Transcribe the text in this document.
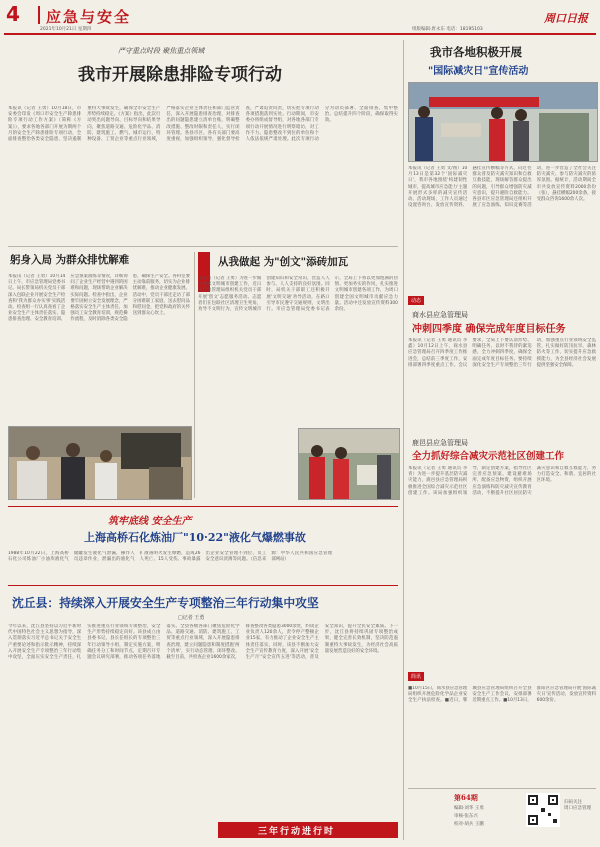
4 应急与安全
2021年10月21日 星期四	组版编辑·唐永东 电话：18195103
周口日报
严守重点时段 聚焦重点领域
我市开展除患排险专项行动
本报讯（记者 王勇）10月18日，市安委会印发《周口市安全生产除患排险专项行动工作方案》（简称《方案》），要求各地各部门开展为期两个月的安全生产除患排险专项行动，全面排查整治各类安全隐患，坚决遏制重特大事故发生，确保全市安全生产形势持续稳定。《方案》指出，此次行动突出问题导向、目标导向和结果导向，聚焦道路交通、危险化学品、消防、建筑施工、燃气、城市运行、特种设备、工贸企业等重点行业领域，严格落实企业主体责任和部门监管责任，深入开展隐患排查治理，对排查出的问题隐患建立清单台账，明确整改措施、整改时限和责任人，实行闭环管理。各县市区、各有关部门要高度重视，加强组织领导，强化督导检查，严肃追责问责，切实把专项行动各项措施落到实处。行动期间，市安委办将组成督导组，对各地各部门专项行动开展情况进行明察暗访，对工作不力、隐患整改不到位的单位和个人依法依规严肃处理。此次专项行动分为动员部署、全面排查、集中整治、总结提升四个阶段，确保取得实效。
躬身入局 为群众排忧解难
本报讯（记者 王勇）10月14日上午，市应急管理局党委书记、局长带领局机关党员干部深入包联企业开展安全生产检查和'我为群众办实事'实践活动。检查组一行认真查看了企业安全生产主体责任落实、隐患排查治理、安全教育培训、应急预案演练等情况，详细询问了企业生产经营中遇到的困难和问题，现场帮助企业解决实际问题。检查中指出，企业要牢固树立安全发展理念，严格落实安全生产主体责任，加强员工安全教育培训，规范操作流程，及时消除各类安全隐患，确保生产安全。各科室要主动靠前服务，切实为企业排忧解难，推动企业健康发展。活动中，党员干部还走访了部分困难职工家庭，送去慰问品和慰问金，把党和政府的关怀送到群众心坎上。
从我做起 为"创文"添砖加瓦
本报讯（记者 王勇）为进一步做好国家文明城市创建工作，近日市应急管理局组织机关党员干部开展'创文'志愿服务活动。志愿者们在包联社区清理卫生死角，劝导不文明行为，宣传文明城市创建知识和安全常识，营造人人参与、人人支持的良好氛围。同时，局机关干部职工还积极开展'文明交通'劝导活动，在路口引导市民遵守交通规则，文明出行。市应急管理局党委书记表示，全局上下将以更加饱满的热情、更加务实的作风，扎实推进文明城市创建各项工作，为周口创建全国文明城市贡献应急力量。活动中还发放宣传资料300余份。
筑牢底线 安全生产
上海高桥石化炼油厂"10·22"液化气爆燃事故
1988年10月22日，上海高桥石化公司炼油厂小油库液化气储罐发生液化气泄漏，操作人员违章作业，泄漏出的液化气扩散遇明火发生爆燃，造成26人死亡、15人受伤。事故暴露出企业安全管理不到位、员工安全意识淡薄等问题。（信息来源：中华人民共和国应急管理部网站）
沈丘县：持续深入开展安全生产专项整治三年行动集中攻坚
□记者 王勇
今年以来，沈丘县坚持以习近平新时代中国特色社会主义思想为指导，深入贯彻落实习近平总书记关于安全生产重要论述和指示批示精神，持续深入开展安全生产专项整治三年行动集中攻坚，全面压实安全生产责任，扎实推进重点行业领域专项整治，安全生产形势持续稳定向好。该县成立由县委书记、县长任组长的专项整治三年行动领导小组，制定实施方案，明确任务分工和时间节点，定期召开专题会议研究部署，推动各项任务落地落实。全县各级各部门聚焦危险化学品、道路交通、消防、建筑施工、工贸等重点行业领域，深入开展隐患排查治理，建立问题隐患和制度措施'两个清单'，实行动态管理、闭环整改。截至目前，共检查企业1600余家次，排查整改各类隐患3000余处，约谈企业负责人120余人，责令停产整顿企业15家，有力推动了企业安全生产主体责任落实。同时，该县不断加大安全生产宣传教育力度，深入开展'安全生产月''安全宣传五进'等活动，普及安全知识，提升全民安全素质。下一步，沈丘县将持续巩固专项整治成果，健全完善长效机制，坚决防范遏制重特大事故发生，为经济社会高质量发展营造良好的安全环境。
三年行动进行时
我市各地积极开展
"国际减灾日"宣传活动
本报讯（记者 王勇 文/图）10月13日是第32个'国际减灾日'，我市各地围绕'构建韧性城市，提高城市应急能力'主题开展形式多样的减灾宣传活动。活动现场，工作人员通过设置咨询台、发放宣传资料、悬挂宣传横幅等方式，向过往群众普及防灾减灾知识和自救互救技能，现场解答群众提出的问题，引导群众增强防灾减灾意识，提升避险自救能力。各县市区应急管理局还组织开展了应急演练、知识竞赛等活动，进一步营造了全社会关注防灾减灾、参与防灾减灾的浓厚氛围。据统计，活动期间全市共发放宣传资料2000余份（张），悬挂横幅200余条，接受群众咨询1600余人次。
动态
商水县应急管理局
冲刺四季度 确保完成年度目标任务
本报讯（记者 王勇 通讯员 李鑫）10月12日上午，商水县应急管理局召开四季度工作推进会，总结前三季度工作，安排部署四季度重点工作。会议要求，全局上下要认清形势、明确任务，以时不我待的紧迫感，全力冲刺四季度，确保全面完成年度目标任务。要持续深化安全生产专项整治三年行动，加强重点行业领域安全监管，扎实做好防汛抗旱、森林防火等工作，切实提升应急救援能力，为全县经济社会发展提供坚强安全保障。
鹿邑县应急管理局
全力抓好综合减灾示范社区创建工作
本报讯（记者 王勇 通讯员 李青）为进一步提升基层防灾减灾能力，鹿邑县应急管理局积极推进全国综合减灾示范社区创建工作。该局加强组织领导，制定创建方案，指导社区完善应急预案、建设避难场所、配备应急物资，组织开展应急演练和防灾减灾宣传教育活动，不断提升社区居民防灾减灾意识和自救互救能力，努力打造安全、和谐、宜居的社区环境。
简讯
■10月15日，商水县应急管理局组织开展危险化学品企业安全生产执法检查。■近日，郸城县应急管理局组织召开全县安全生产工作会议，安排部署近期重点工作。■10月13日，淮阳区应急管理局开展'国际减灾日'宣传活动，发放宣传资料600余份。
第64期
编辑·刘华 王勇
审核·张东兴
校对·胡兵 王鹏
扫码关注
周口应急管理
